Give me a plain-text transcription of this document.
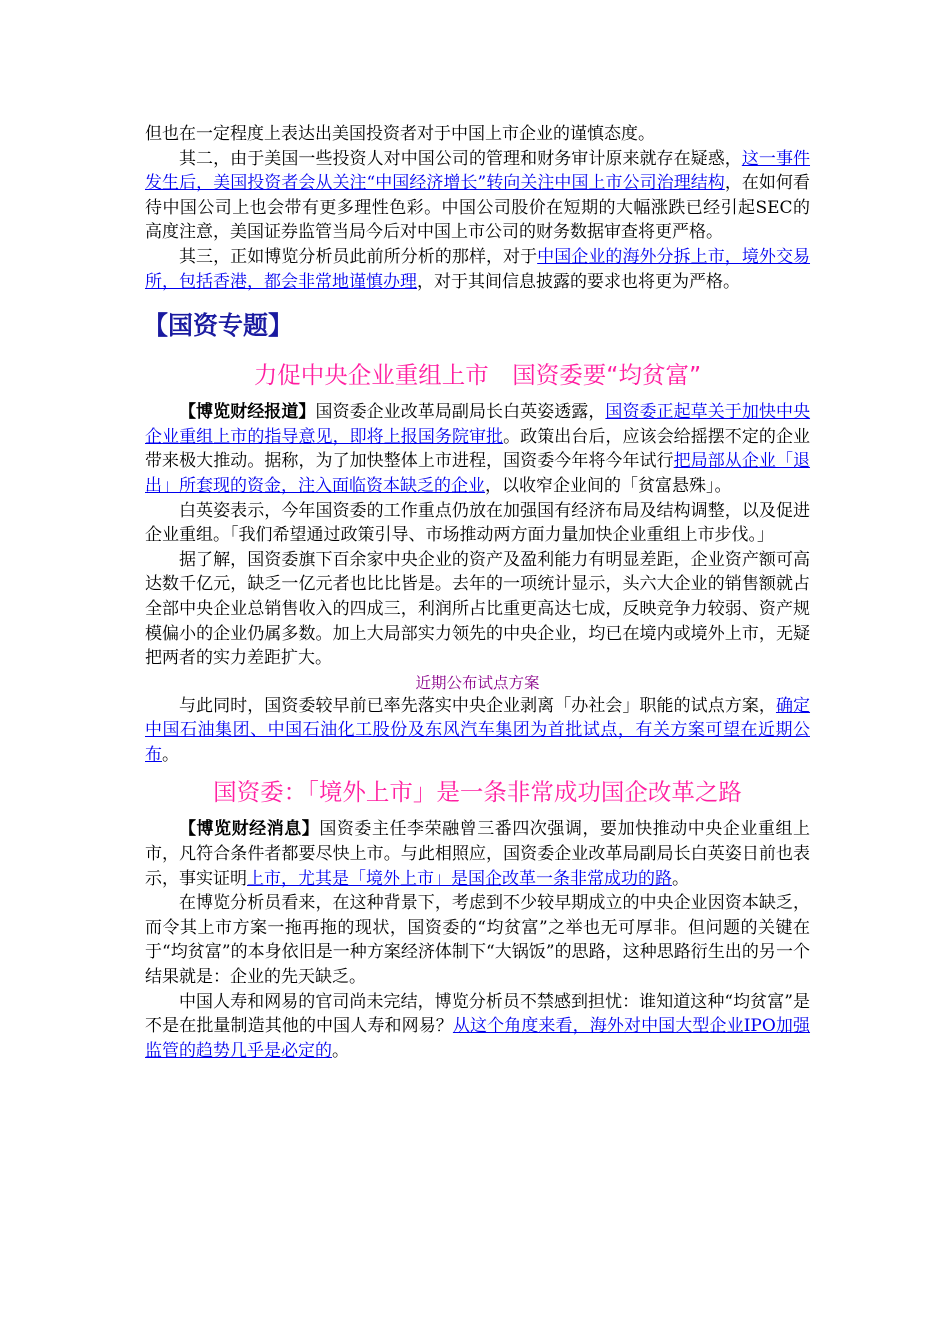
但也在一定程度上表达出美国投资者对于中国上市企业的谨慎态度。

其二，由于美国一些投资人对中国公司的管理和财务审计原来就存在疑惑，这一事件发生后，美国投资者会从关注“中国经济增长”转向关注中国上市公司治理结构，在如何看待中国公司上也会带有更多理性色彩。中国公司股价在短期的大幅涨跌已经引起SEC的高度注意，美国证券监管当局今后对中国上市公司的财务数据审查将更严格。

其三，正如博览分析员此前所分析的那样，对于中国企业的海外分拆上市，境外交易所，包括香港，都会非常地谨慎办理，对于其间信息披露的要求也将更为严格。

【国资专题】
力促中央企业重组上市　国资委要“均贫富”

【博览财经报道】国资委企业改革局副局长白英姿透露，国资委正起草关于加快中央企业重组上市的指导意见，即将上报国务院审批。政策出台后，应该会给摇摆不定的企业带来极大推动。据称，为了加快整体上市进程，国资委今年将今年试行把局部从企业「退出」所套现的资金，注入面临资本缺乏的企业，以收窄企业间的「贫富悬殊」。

白英姿表示，今年国资委的工作重点仍放在加强国有经济布局及结构调整，以及促进企业重组。「我们希望通过政策引导、市场推动两方面力量加快企业重组上市步伐。」

据了解，国资委旗下百余家中央企业的资产及盈利能力有明显差距，企业资产额可高达数千亿元，缺乏一亿元者也比比皆是。去年的一项统计显示，头六大企业的销售额就占全部中央企业总销售收入的四成三，利润所占比重更高达七成，反映竞争力较弱、资产规模偏小的企业仍属多数。加上大局部实力领先的中央企业，均已在境内或境外上市，无疑把两者的实力差距扩大。

近期公布试点方案

与此同时，国资委较早前已率先落实中央企业剥离「办社会」职能的试点方案，确定中国石油集团、中国石油化工股份及东风汽车集团为首批试点，有关方案可望在近期公布。

国资委：「境外上市」是一条非常成功国企改革之路

【博览财经消息】国资委主任李荣融曾三番四次强调，要加快推动中央企业重组上市，凡符合条件者都要尽快上市。与此相照应，国资委企业改革局副局长白英姿日前也表示，事实证明上市，尤其是「境外上市」是国企改革一条非常成功的路。

在博览分析员看来，在这种背景下，考虑到不少较早期成立的中央企业因资本缺乏，而令其上市方案一拖再拖的现状，国资委的“均贫富”之举也无可厚非。但问题的关键在于“均贫富”的本身依旧是一种方案经济体制下“大锅饭”的思路，这种思路衍生出的另一个结果就是：企业的先天缺乏。

中国人寿和网易的官司尚未完结，博览分析员不禁感到担忧：谁知道这种“均贫富”是不是在批量制造其他的中国人寿和网易？从这个角度来看，海外对中国大型企业IPO加强监管的趋势几乎是必定的。
